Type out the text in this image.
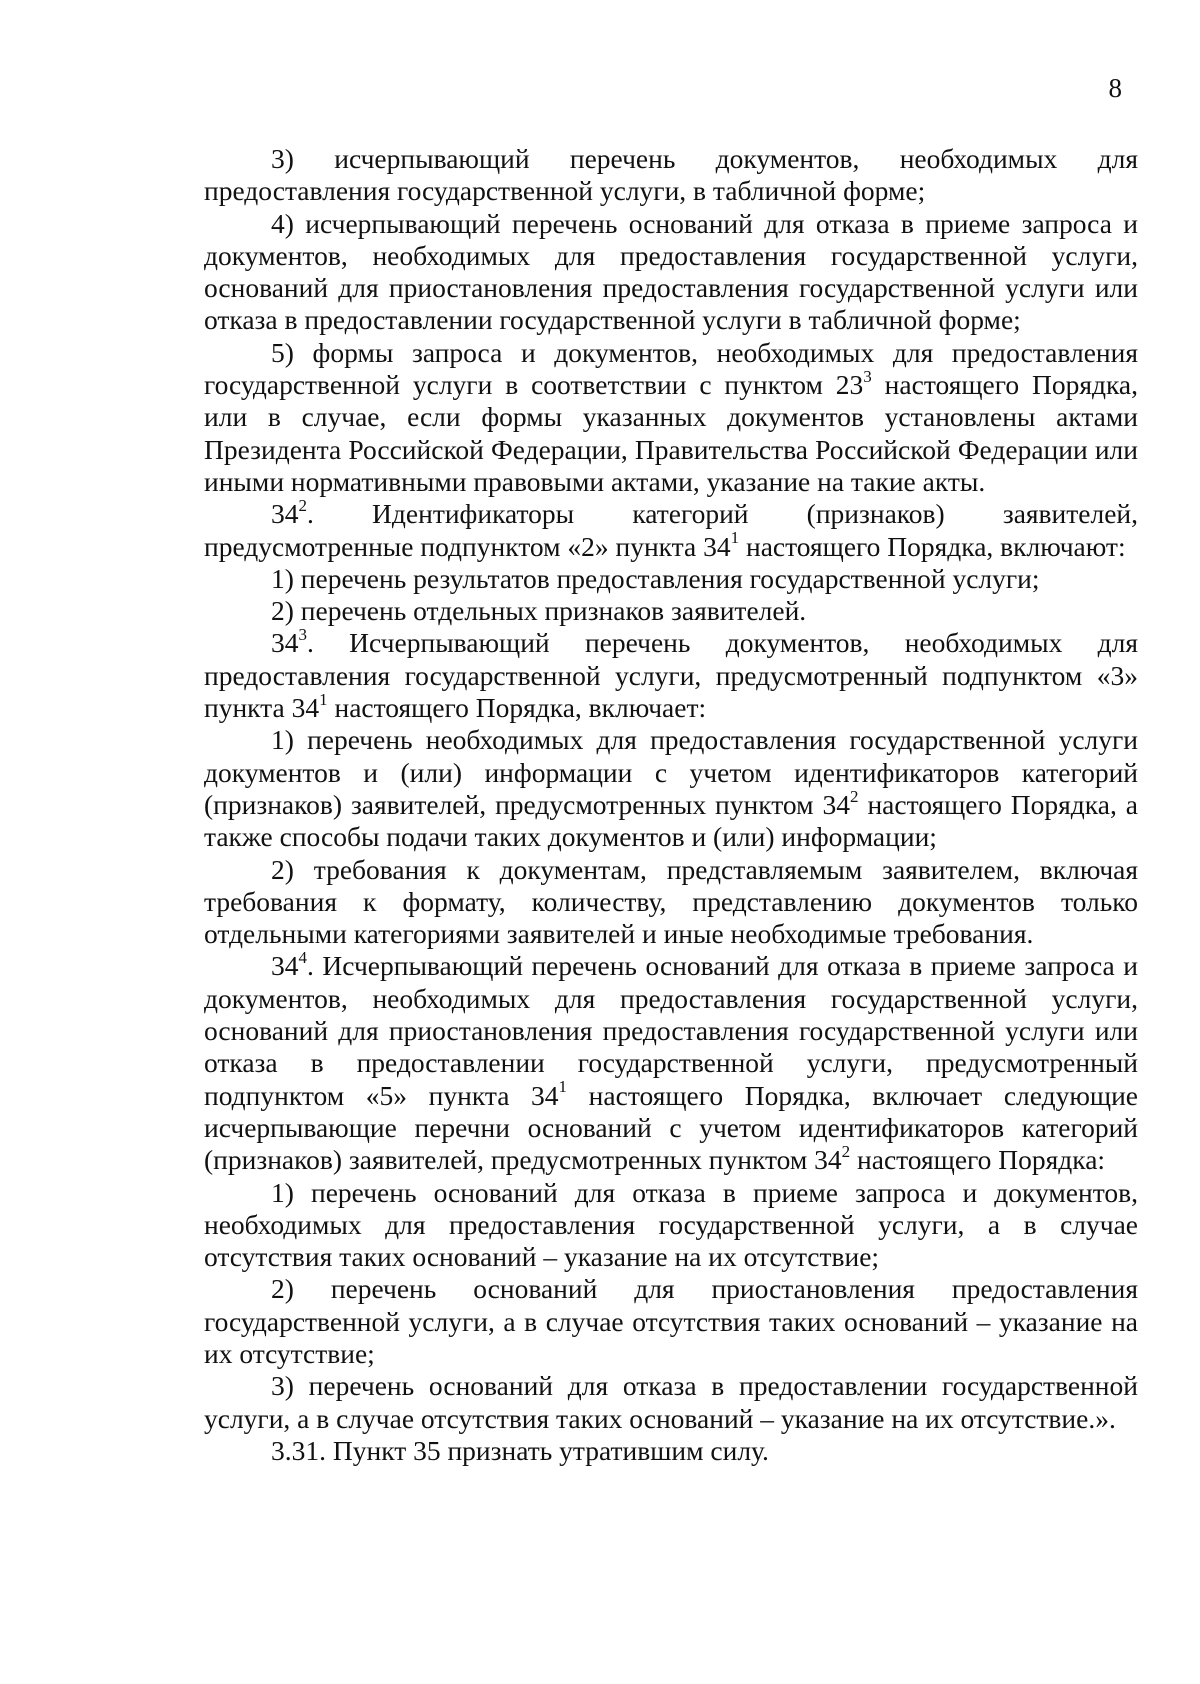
8

3) исчерпывающий перечень документов, необходимых для предоставления государственной услуги, в табличной форме;

4) исчерпывающий перечень оснований для отказа в приеме запроса и документов, необходимых для предоставления государственной услуги, оснований для приостановления предоставления государственной услуги или отказа в предоставлении государственной услуги в табличной форме;

5) формы запроса и документов, необходимых для предоставления государственной услуги в соответствии с пунктом $23^3$ настоящего Порядка, или в случае, если формы указанных документов установлены актами Президента Российской Федерации, Правительства Российской Федерации или иными нормативными правовыми актами, указание на такие акты.

$34^2$. Идентификаторы категорий (признаков) заявителей, предусмотренные подпунктом «2» пункта $34^1$ настоящего Порядка, включают:

1) перечень результатов предоставления государственной услуги;

2) перечень отдельных признаков заявителей.

$34^3$. Исчерпывающий перечень документов, необходимых для предоставления государственной услуги, предусмотренный подпунктом «3» пункта $34^1$ настоящего Порядка, включает:

1) перечень необходимых для предоставления государственной услуги документов и (или) информации с учетом идентификаторов категорий (признаков) заявителей, предусмотренных пунктом $34^2$ настоящего Порядка, а также способы подачи таких документов и (или) информации;

2) требования к документам, представляемым заявителем, включая требования к формату, количеству, представлению документов только отдельными категориями заявителей и иные необходимые требования.

$34^4$. Исчерпывающий перечень оснований для отказа в приеме запроса и документов, необходимых для предоставления государственной услуги, оснований для приостановления предоставления государственной услуги или отказа в предоставлении государственной услуги, предусмотренный подпунктом «5» пункта $34^1$ настоящего Порядка, включает следующие исчерпывающие перечни оснований с учетом идентификаторов категорий (признаков) заявителей, предусмотренных пунктом $34^2$ настоящего Порядка:

1) перечень оснований для отказа в приеме запроса и документов, необходимых для предоставления государственной услуги, а в случае отсутствия таких оснований – указание на их отсутствие;

2) перечень оснований для приостановления предоставления государственной услуги, а в случае отсутствия таких оснований – указание на их отсутствие;

3) перечень оснований для отказа в предоставлении государственной услуги, а в случае отсутствия таких оснований – указание на их отсутствие.».

3.31. Пункт 35 признать утратившим силу.
